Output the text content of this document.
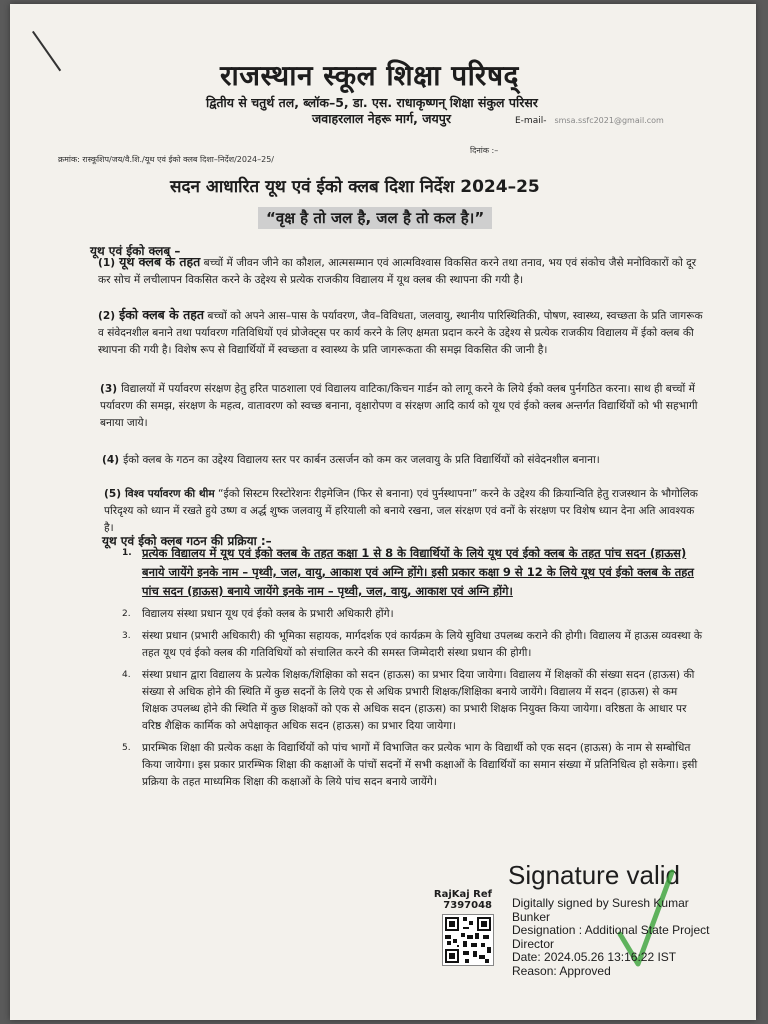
राजस्थान स्कूल शिक्षा परिषद्
द्वितीय से चतुर्थ तल, ब्लॉक–5, डा. एस. राधाकृष्णन् शिक्षा संकुल परिसर
जवाहरलाल नेहरू मार्ग, जयपुर	E-mail- smsa.ssfc2021@gmail.com
दिनांक :–
क्रमांक: रास्कूशिप/जय/वै.शि./यूथ एवं ईको क्लब दिशा–निर्देश/2024–25/
सदन आधारित यूथ एवं ईको क्लब दिशा निर्देश 2024–25
“वृक्ष है तो जल है, जल है तो कल है।”
यूथ एवं ईको क्लब –

(1) यूथ क्लब के तहत बच्चों में जीवन जीने का कौशल, आत्मसम्मान एवं आत्मविश्वास विकसित करने तथा तनाव, भय एवं संकोच जैसे मनोविकारों को दूर कर सोच में लचीलापन विकसित करने के उद्देश्य से प्रत्येक राजकीय विद्यालय में यूथ क्लब की स्थापना की गयी है।

(2) ईको क्लब के तहत बच्चों को अपने आस–पास के पर्यावरण, जैव–विविधता, जलवायु, स्थानीय पारिस्थितिकी, पोषण, स्वास्थ्य, स्वच्छता के प्रति जागरूक व संवेदनशील बनाने तथा पर्यावरण गतिविधियों एवं प्रोजेक्ट्स पर कार्य करने के लिए क्षमता प्रदान करने के उद्देश्य से प्रत्येक राजकीय विद्यालय में ईको क्लब की स्थापना की गयी है। विशेष रूप से विद्यार्थियों में स्वच्छता व स्वास्थ्य के प्रति जागरूकता की समझ विकसित की जानी है।

(3) विद्यालयों में पर्यावरण संरक्षण हेतु हरित पाठशाला एवं विद्यालय वाटिका/किचन गार्डन को लागू करने के लिये ईको क्लब पुर्नगठित करना। साथ ही बच्चों में पर्यावरण की समझ, संरक्षण के महत्व, वातावरण को स्वच्छ बनाना, वृक्षारोपण व संरक्षण आदि कार्य को यूथ एवं ईको क्लब अन्तर्गत विद्यार्थियों को भी सहभागी बनाया जाये।

(4) ईको क्लब के गठन का उद्देश्य विद्यालय स्तर पर कार्बन उत्सर्जन को कम कर जलवायु के प्रति विद्यार्थियों को संवेदनशील बनाना।

(5) विश्व पर्यावरण की थीम “ईको सिस्टम रिस्टोरेशनः रीइमेजिन (फिर से बनाना) एवं पुर्नस्थापना” करने के उद्देश्य की क्रियान्विति हेतु राजस्थान के भौगोलिक परिदृश्य को ध्यान में रखते हुये उष्ण व अर्द्ध शुष्क जलवायु में हरियाली को बनाये रखना, जल संरक्षण एवं वनों के संरक्षण पर विशेष ध्यान देना अति आवश्यक है।

यूथ एवं ईको क्लब गठन की प्रक्रिया :–
1. प्रत्येक विद्यालय में यूथ एवं ईको क्लब के तहत कक्षा 1 से 8 के विद्यार्थियों के लिये यूथ एवं ईको क्लब के तहत पांच सदन (हाऊस) बनाये जायेंगे इनके नाम – पृथ्वी, जल, वायु, आकाश एवं अग्नि होंगे। इसी प्रकार कक्षा 9 से 12 के लिये यूथ एवं ईको क्लब के तहत पांच सदन (हाऊस) बनाये जायेंगे इनके नाम – पृथ्वी, जल, वायु, आकाश एवं अग्नि होंगे।
2. विद्यालय संस्था प्रधान यूथ एवं ईको क्लब के प्रभारी अधिकारी होंगे।
3. संस्था प्रधान (प्रभारी अधिकारी) की भूमिका सहायक, मार्गदर्शक एवं कार्यक्रम के लिये सुविधा उपलब्ध कराने की होगी। विद्यालय में हाऊस व्यवस्था के तहत यूथ एवं ईको क्लब की गतिविधियों को संचालित करने की समस्त जिम्मेदारी संस्था प्रधान की होगी।
4. संस्था प्रधान द्वारा विद्यालय के प्रत्येक शिक्षक/शिक्षिका को सदन (हाऊस) का प्रभार दिया जायेगा। विद्यालय में शिक्षकों की संख्या सदन (हाऊस) की संख्या से अधिक होने की स्थिति में कुछ सदनों के लिये एक से अधिक प्रभारी शिक्षक/शिक्षिका बनाये जायेंगे। विद्यालय में सदन (हाऊस) से कम शिक्षक उपलब्ध होने की स्थिति में कुछ शिक्षकों को एक से अधिक सदन (हाऊस) का प्रभारी शिक्षक नियुक्त किया जायेगा। वरिष्ठता के आधार पर वरिष्ठ शैक्षिक कार्मिक को अपेक्षाकृत अधिक सदन (हाऊस) का प्रभार दिया जायेगा।
5. प्रारम्भिक शिक्षा की प्रत्येक कक्षा के विद्यार्थियों को पांच भागों में विभाजित कर प्रत्येक भाग के विद्यार्थी को एक सदन (हाऊस) के नाम से सम्बोधित किया जायेगा। इस प्रकार प्रारम्भिक शिक्षा की कक्षाओं के पांचों सदनों में सभी कक्षाओं के विद्यार्थियों का समान संख्या में प्रतिनिधित्व हो सकेगा। इसी प्रक्रिया के तहत माध्यमिक शिक्षा की कक्षाओं के लिये पांच सदन बनाये जायेंगे।
RajKaj Ref
7397048
Signature valid
Digitally signed by Suresh Kumar
Bunker
Designation : Additional State Project
Director
Date: 2024.05.26 13:16:22 IST
Reason: Approved
